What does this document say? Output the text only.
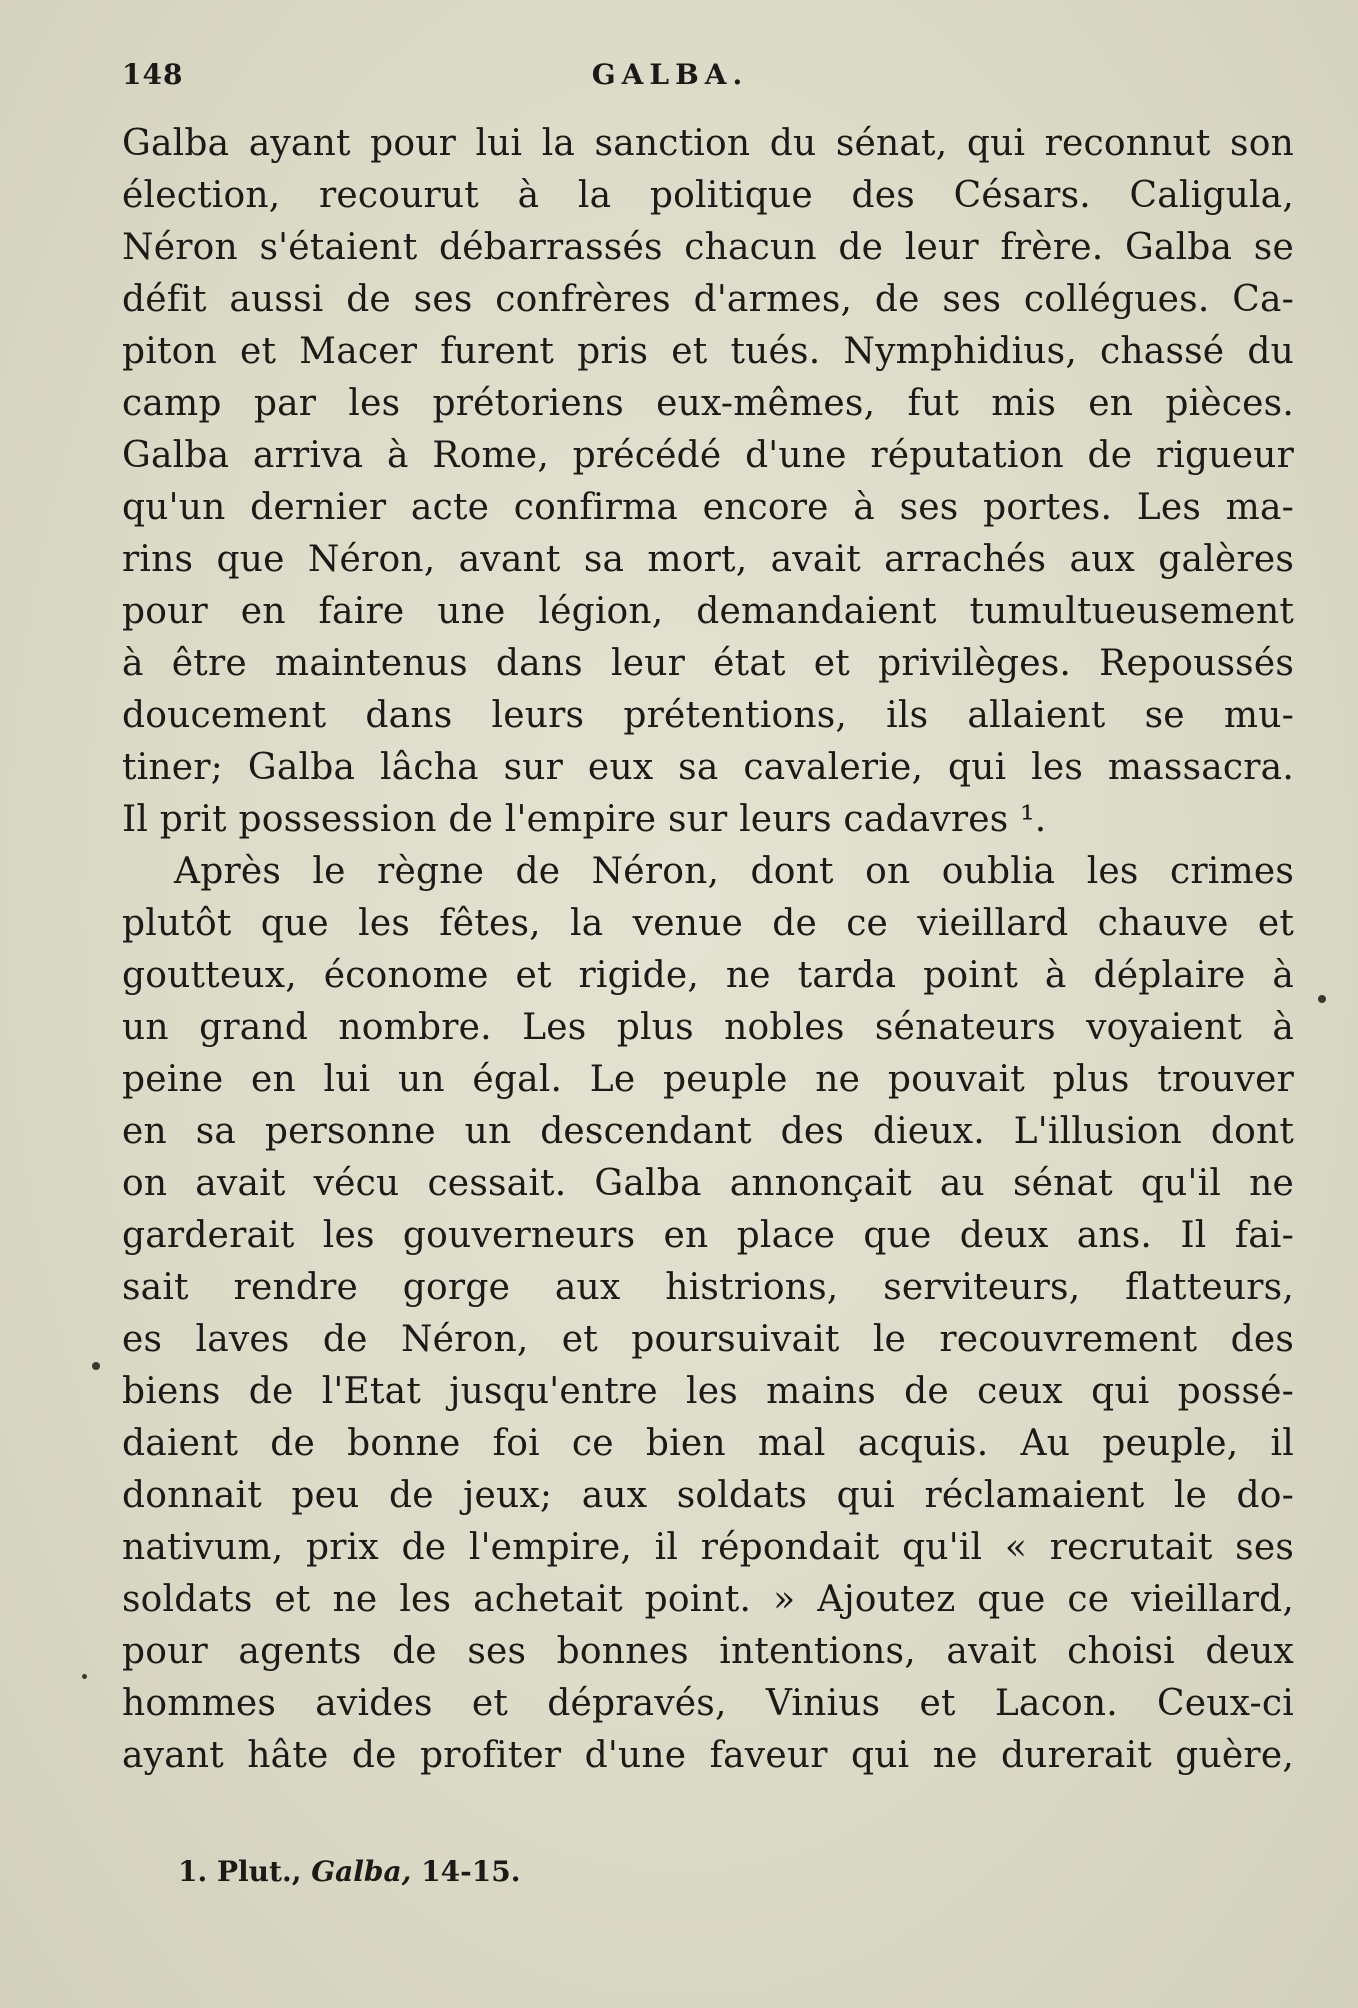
148	GALBA.
Galba ayant pour lui la sanction du sénat, qui reconnut son
élection, recourut à la politique des Césars. Caligula,
Néron s'étaient débarrassés chacun de leur frère. Galba se
défit aussi de ses confrères d'armes, de ses collégues. Ca-
piton et Macer furent pris et tués. Nymphidius, chassé du
camp par les prétoriens eux-mêmes, fut mis en pièces.
Galba arriva à Rome, précédé d'une réputation de rigueur
qu'un dernier acte confirma encore à ses portes. Les ma-
rins que Néron, avant sa mort, avait arrachés aux galères
pour en faire une légion, demandaient tumultueusement
à être maintenus dans leur état et privilèges. Repoussés
doucement dans leurs prétentions, ils allaient se mu-
tiner; Galba lâcha sur eux sa cavalerie, qui les massacra.
Il prit possession de l'empire sur leurs cadavres ¹.
Après le règne de Néron, dont on oublia les crimes
plutôt que les fêtes, la venue de ce vieillard chauve et
goutteux, économe et rigide, ne tarda point à déplaire à
un grand nombre. Les plus nobles sénateurs voyaient à
peine en lui un égal. Le peuple ne pouvait plus trouver
en sa personne un descendant des dieux. L'illusion dont
on avait vécu cessait. Galba annonçait au sénat qu'il ne
garderait les gouverneurs en place que deux ans. Il fai-
sait rendre gorge aux histrions, serviteurs, flatteurs,
es laves de Néron, et poursuivait le recouvrement des
biens de l'Etat jusqu'entre les mains de ceux qui possé-
daient de bonne foi ce bien mal acquis. Au peuple, il
donnait peu de jeux; aux soldats qui réclamaient le do-
nativum, prix de l'empire, il répondait qu'il « recrutait ses
soldats et ne les achetait point. » Ajoutez que ce vieillard,
pour agents de ses bonnes intentions, avait choisi deux
hommes avides et dépravés, Vinius et Lacon. Ceux-ci
ayant hâte de profiter d'une faveur qui ne durerait guère,
1. Plut., Galba, 14-15.
